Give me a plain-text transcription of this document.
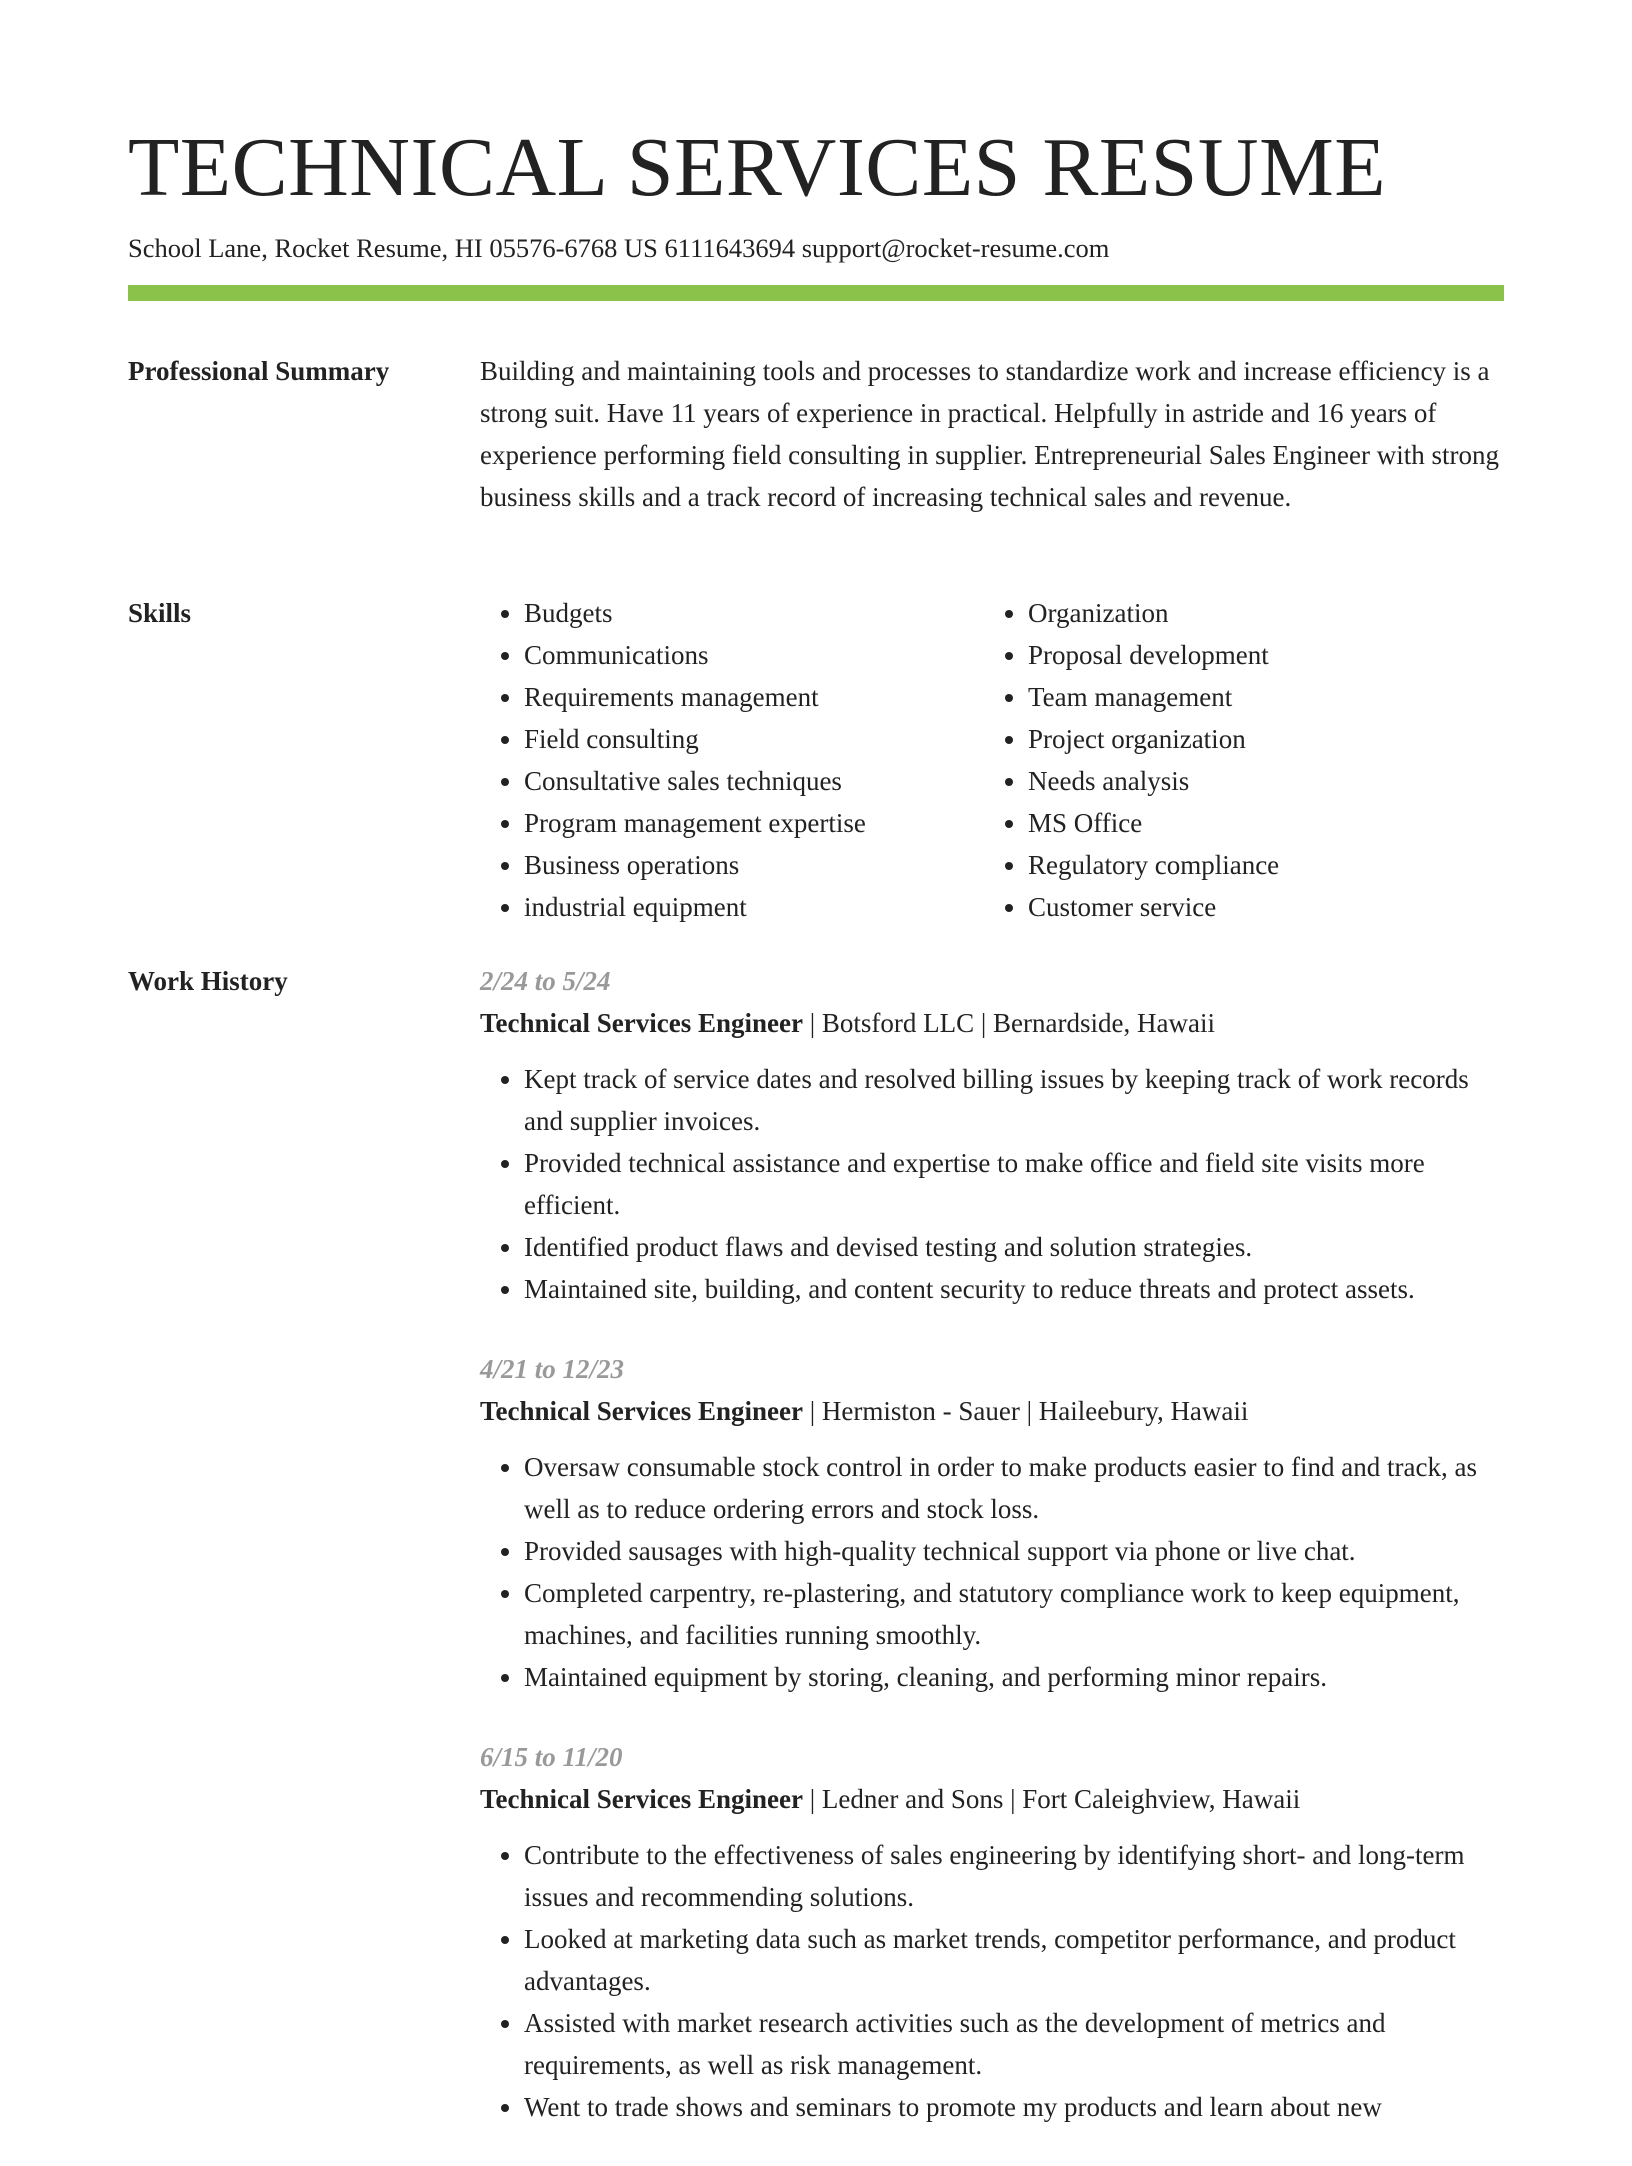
TECHNICAL SERVICES RESUME
School Lane, Rocket Resume, HI 05576-6768 US 6111643694 support@rocket-resume.com
Professional Summary	Building and maintaining tools and processes to standardize work and increase efficiency is a strong suit. Have 11 years of experience in practical. Helpfully in astride and 16 years of experience performing field consulting in supplier. Entrepreneurial Sales Engineer with strong business skills and a track record of increasing technical sales and revenue.

Skills
•	Budgets
• Communications
• Requirements management
• Field consulting
• Consultative sales techniques
• Program management expertise
• Business operations
• industrial equipment
• Organization
• Proposal development
• Team management
• Project organization
• Needs analysis
• MS Office
• Regulatory compliance
• Customer service
Work History	2/24 to 5/24
Technical Services Engineer | Botsford LLC | Bernardside, Hawaii
• Kept track of service dates and resolved billing issues by keeping track of work records and supplier invoices.
• Provided technical assistance and expertise to make office and field site visits more efficient.
• Identified product flaws and devised testing and solution strategies.
• Maintained site, building, and content security to reduce threats and protect assets.
4/21 to 12/23
Technical Services Engineer | Hermiston - Sauer | Haileebury, Hawaii
• Oversaw consumable stock control in order to make products easier to find and track, as well as to reduce ordering errors and stock loss.
• Provided sausages with high-quality technical support via phone or live chat.
• Completed carpentry, re-plastering, and statutory compliance work to keep equipment, machines, and facilities running smoothly.
• Maintained equipment by storing, cleaning, and performing minor repairs.
6/15 to 11/20
Technical Services Engineer | Ledner and Sons | Fort Caleighview, Hawaii
• Contribute to the effectiveness of sales engineering by identifying short- and long-term issues and recommending solutions.
• Looked at marketing data such as market trends, competitor performance, and product advantages.
• Assisted with market research activities such as the development of metrics and requirements, as well as risk management.
• Went to trade shows and seminars to promote my products and learn about new
